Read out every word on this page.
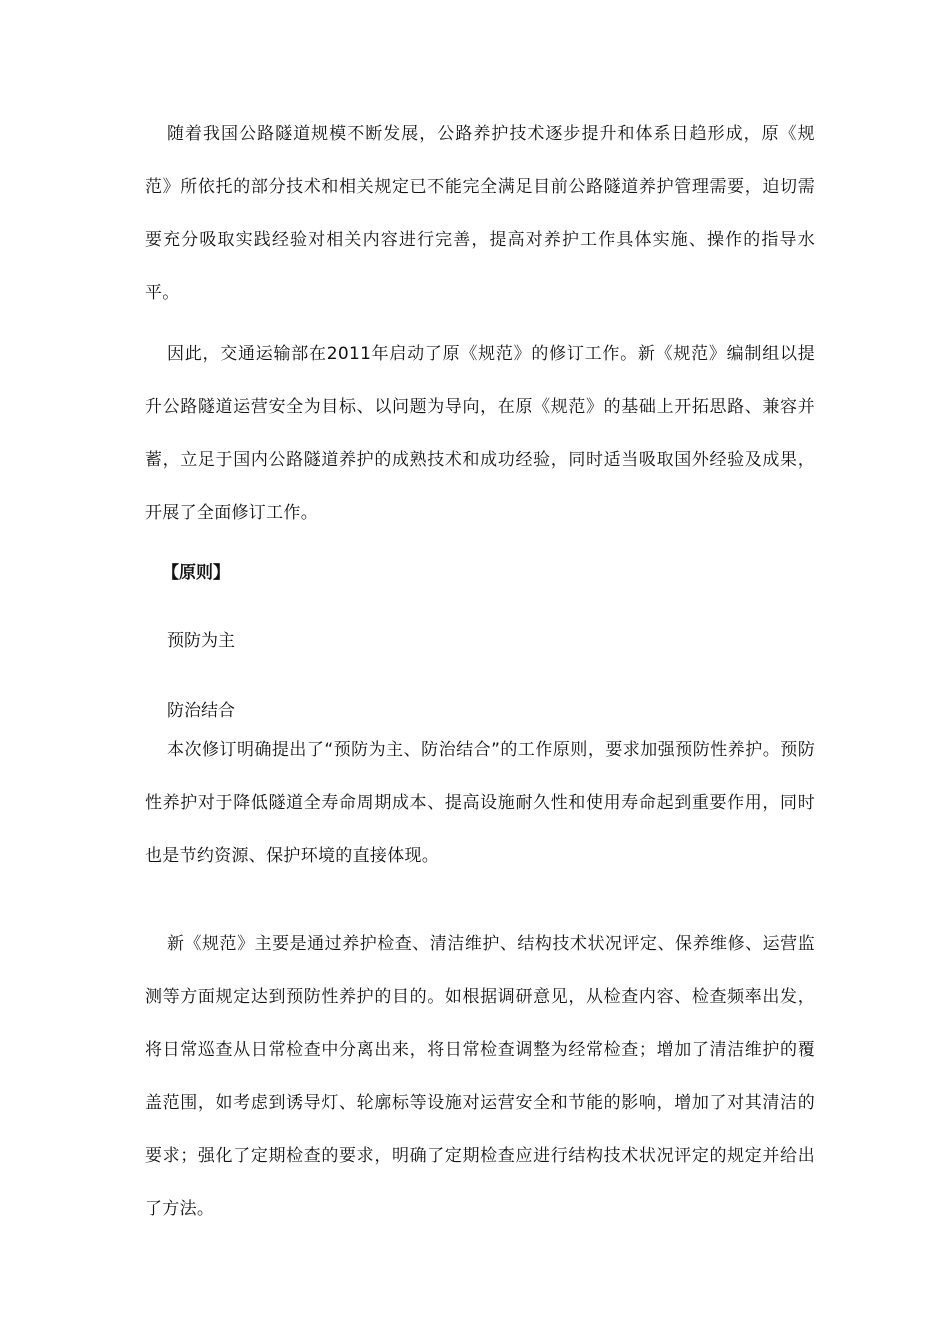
随着我国公路隧道规模不断发展，公路养护技术逐步提升和体系日趋形成，原《规范》所依托的部分技术和相关规定已不能完全满足目前公路隧道养护管理需要，迫切需要充分吸取实践经验对相关内容进行完善，提高对养护工作具体实施、操作的指导水平。

因此，交通运输部在2011年启动了原《规范》的修订工作。新《规范》编制组以提升公路隧道运营安全为目标、以问题为导向，在原《规范》的基础上开拓思路、兼容并蓄，立足于国内公路隧道养护的成熟技术和成功经验，同时适当吸取国外经验及成果，开展了全面修订工作。

【原则】

预防为主

防治结合

本次修订明确提出了“预防为主、防治结合”的工作原则，要求加强预防性养护。预防性养护对于降低隧道全寿命周期成本、提高设施耐久性和使用寿命起到重要作用，同时也是节约资源、保护环境的直接体现。

新《规范》主要是通过养护检查、清洁维护、结构技术状况评定、保养维修、运营监测等方面规定达到预防性养护的目的。如根据调研意见，从检查内容、检查频率出发，将日常巡查从日常检查中分离出来，将日常检查调整为经常检查；增加了清洁维护的覆盖范围，如考虑到诱导灯、轮廓标等设施对运营安全和节能的影响，增加了对其清洁的要求；强化了定期检查的要求，明确了定期检查应进行结构技术状况评定的规定并给出了方法。
